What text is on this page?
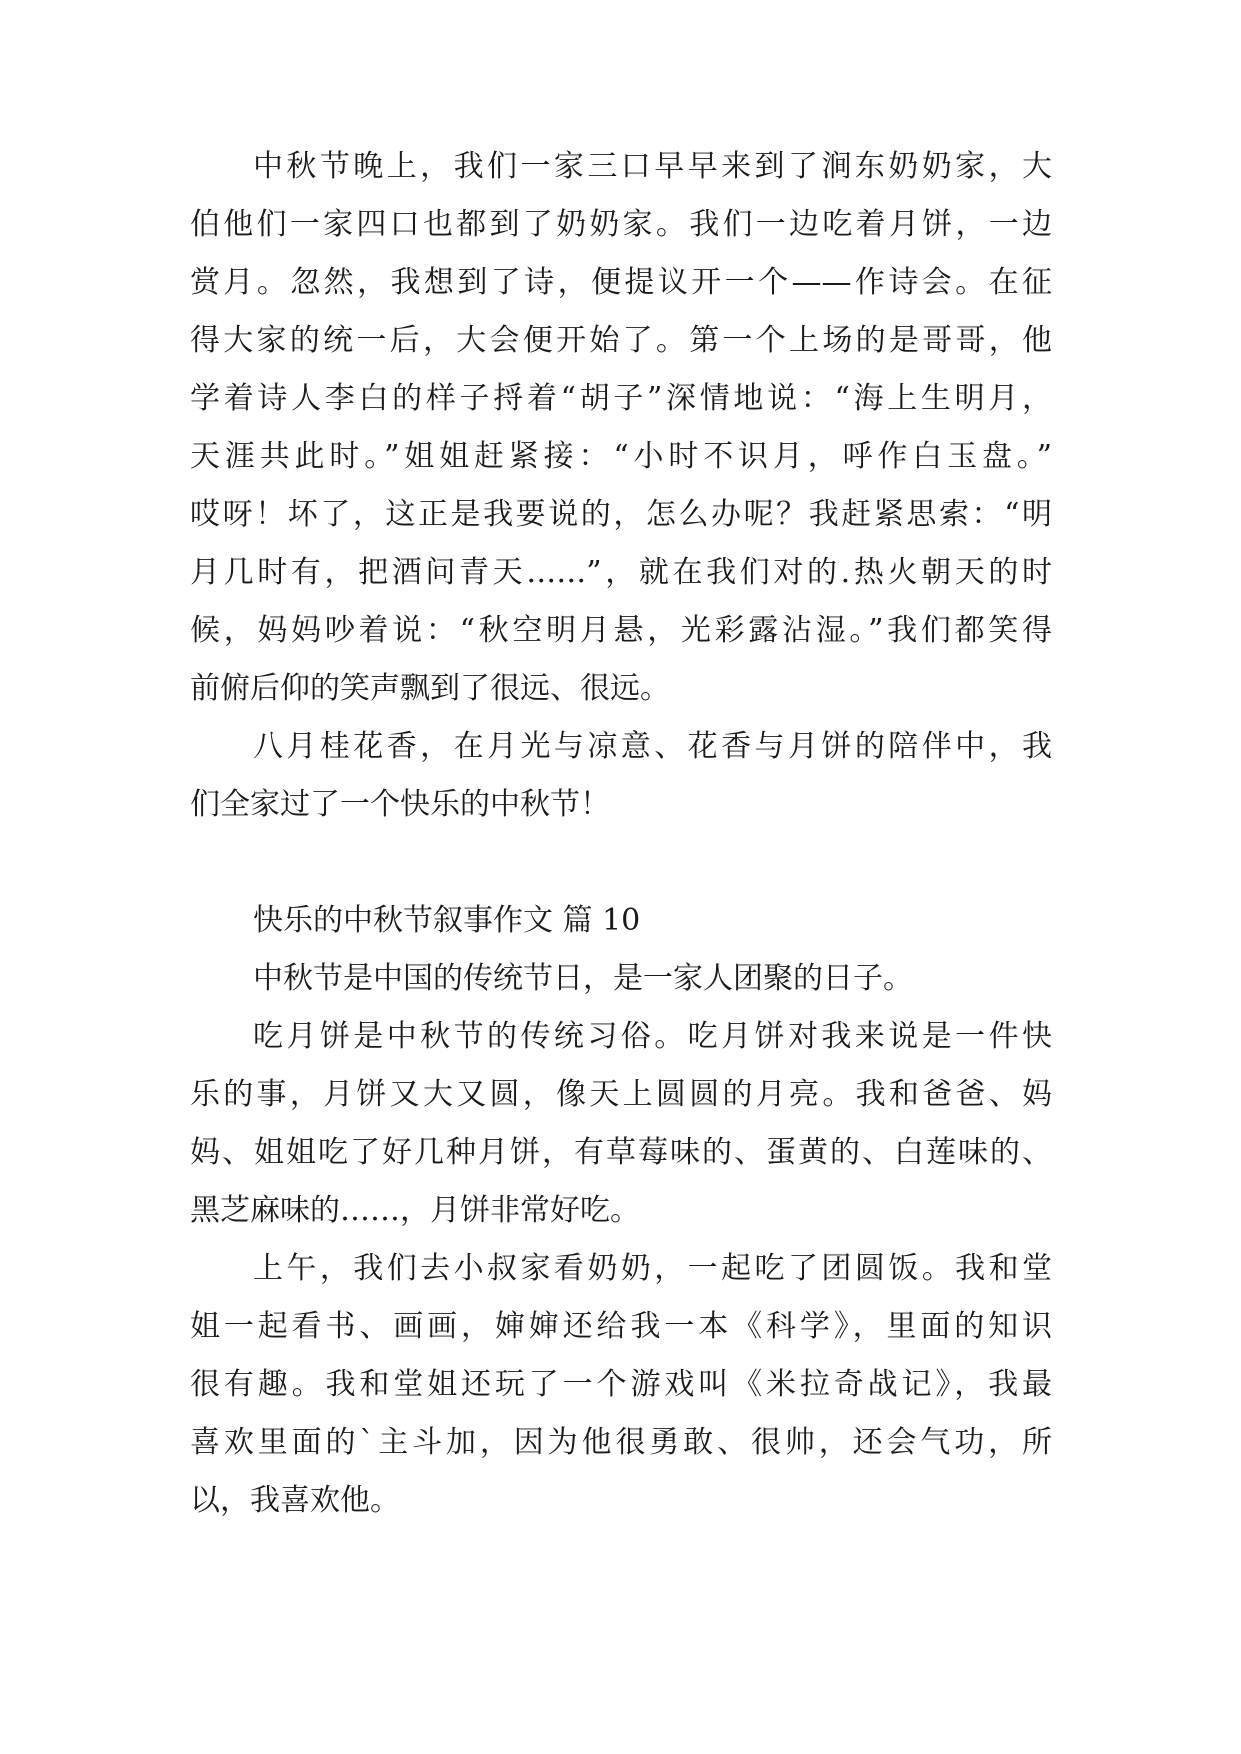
中秋节晚上，我们一家三口早早来到了涧东奶奶家，大
伯他们一家四口也都到了奶奶家。我们一边吃着月饼，一边
赏月。忽然，我想到了诗，便提议开一个——作诗会。在征
得大家的统一后，大会便开始了。第一个上场的是哥哥，他
学着诗人李白的样子捋着“胡子”深情地说：“海上生明月，
天涯共此时。”姐姐赶紧接：“小时不识月，呼作白玉盘。”
哎呀！坏了，这正是我要说的，怎么办呢？我赶紧思索：“明
月几时有，把酒问青天……”，就在我们对的.热火朝天的时
候，妈妈吵着说：“秋空明月悬，光彩露沾湿。”我们都笑得
前俯后仰的笑声飘到了很远、很远。
八月桂花香，在月光与凉意、花香与月饼的陪伴中，我
们全家过了一个快乐的中秋节！
快乐的中秋节叙事作文 篇 10
中秋节是中国的传统节日，是一家人团聚的日子。
吃月饼是中秋节的传统习俗。吃月饼对我来说是一件快
乐的事，月饼又大又圆，像天上圆圆的月亮。我和爸爸、妈
妈、姐姐吃了好几种月饼，有草莓味的、蛋黄的、白莲味的、
黑芝麻味的……，月饼非常好吃。
上午，我们去小叔家看奶奶，一起吃了团圆饭。我和堂
姐一起看书、画画，婶婶还给我一本《科学》，里面的知识
很有趣。我和堂姐还玩了一个游戏叫《米拉奇战记》，我最
喜欢里面的`主斗加，因为他很勇敢、很帅，还会气功，所
以，我喜欢他。
